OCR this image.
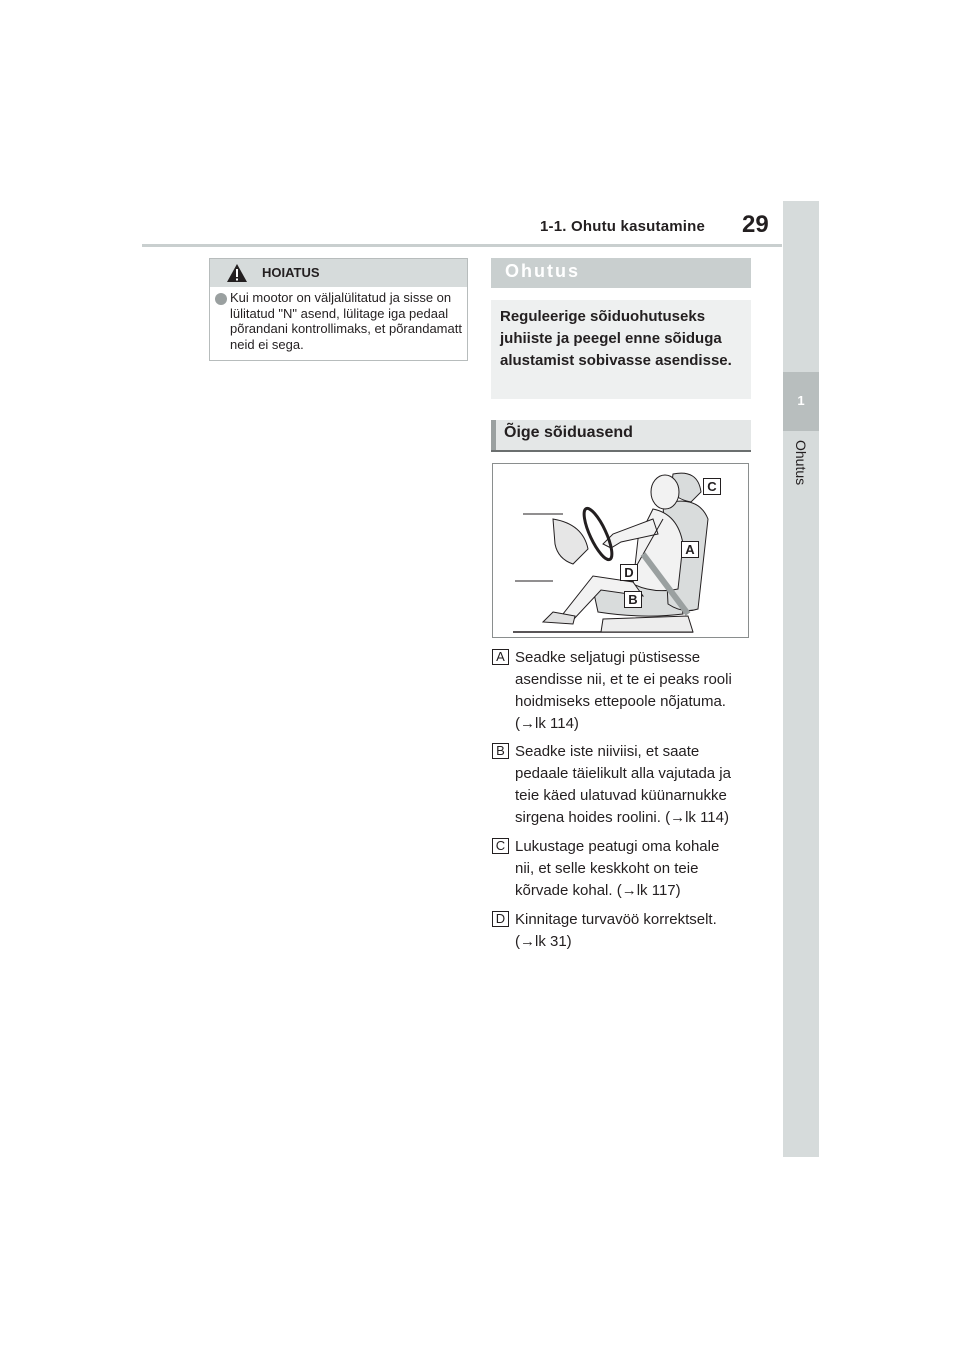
1-1. Ohutu kasutamine 29
1
Ohutus
HOIATUS
Kui mootor on väljalülitatud ja sisse on lülitatud "N" asend, lülitage iga pedaal põrandani kontrollimaks, et põrandamatt neid ei sega.
Ohutus
Reguleerige sõiduohutuseks juhiiste ja peegel enne sõiduga alustamist sobivasse asendisse.
Õige sõiduasend
C
A
D
B
A Seadke seljatugi püstisesse
asendisse nii, et te ei peaks rooli
hoidmiseks ettepoole nõjatuma.
(→lk 114)
B Seadke iste niiviisi, et saate
pedaale täielikult alla vajutada ja
teie käed ulatuvad küünarnukke
sirgena hoides roolini. (→lk 114)
C Lukustage peatugi oma kohale
nii, et selle keskkoht on teie
kõrvade kohal. (→lk 117)
D Kinnitage turvavöö korrektselt.
(→lk 31)
